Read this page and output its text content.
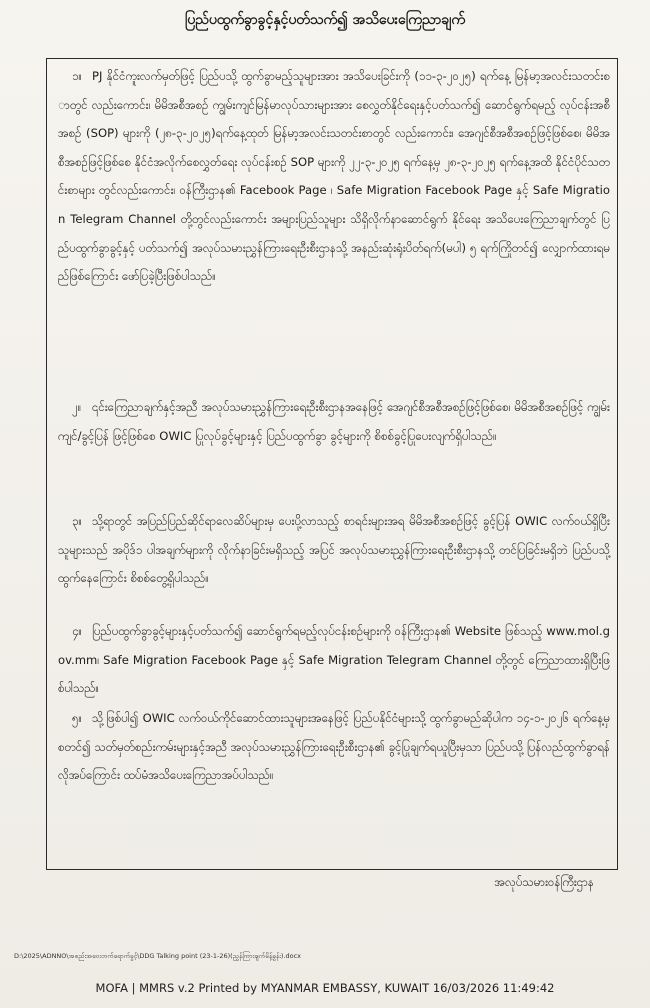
ပြည်ပထွက်ခွာခွင့်နှင့်ပတ်သက်၍ အသိပေးကြေညာချက်

၁။ PJ နိုင်ငံကူးလက်မှတ်ဖြင့် ပြည်ပသို့ ထွက်ခွာမည့်သူများအား အသိပေးခြင်းကို (၁၁-၃-၂၀၂၅) ရက်နေ့ မြန်မာ့အလင်းသတင်းစာတွင် လည်းကောင်း၊ မိမိအစီအစဉ် ကျွမ်းကျင်မြန်မာလုပ်သားများအား စေလွှတ်နိုင်ရေးနှင့်ပတ်သက်၍ ဆောင်ရွက်ရမည့် လုပ်ငန်းအစီအစဉ် (SOP) များကို (၂၈-၃-၂၀၂၅)ရက်နေ့ထုတ် မြန်မာ့အလင်းသတင်းစာတွင် လည်းကောင်း၊ အေဂျင်စီအစီအစဉ်ဖြင့်ဖြစ်စေ၊ မိမိအစီအစဉ်ဖြင့်ဖြစ်စေ နိုင်ငံအလိုက်စေလွှတ်ရေး လုပ်ငန်းစဉ် SOP များကို ၂၂-၃-၂၀၂၅ ရက်နေ့မှ ၂၈-၃-၂၀၂၅ ရက်နေ့အထိ နိုင်ငံပိုင်သတင်းစာများ တွင်လည်းကောင်း၊ ဝန်ကြီးဌာန၏ Facebook Page ၊ Safe Migration Facebook Page နှင့် Safe Migration Telegram Channel တို့တွင်လည်းကောင်း အများပြည်သူများ သိရှိလိုက်နာဆောင်ရွက် နိုင်ရေး အသိပေးကြေညာချက်တွင် ပြည်ပထွက်ခွာခွင့်နှင့် ပတ်သက်၍ အလုပ်သမားညွှန်ကြားရေးဦးစီးဌာနသို့ အနည်းဆုံးရုံးပိတ်ရက်(မပါ) ၅ ရက်ကြိုတင်၍ လျှောက်ထားရမည်ဖြစ်ကြောင်း ဖော်ပြခဲ့ပြီးဖြစ်ပါသည်။

၂။ ၎င်းကြေညာချက်နှင့်အညီ အလုပ်သမားညွှန်ကြားရေးဦးစီးဌာနအနေဖြင့် အေဂျင်စီအစီအစဉ်ဖြင့်ဖြစ်စေ၊ မိမိအစီအစဉ်ဖြင့် ကျွမ်းကျင်/ခွင့်ပြန် ဖြင့်ဖြစ်စေ OWIC ပြုလုပ်ခွင့်များနှင့် ပြည်ပထွက်ခွာ ခွင့်များကို စိစစ်ခွင့်ပြုပေးလျက်ရှိပါသည်။

၃။ သို့ရာတွင် အပြည်ပြည်ဆိုင်ရာလေဆိပ်များမှ ပေးပို့လာသည့် စာရင်းများအရ မိမိအစီအစဉ်ဖြင့် ခွင့်ပြန် OWIC လက်ဝယ်ရှိပြီးသူများသည် အပိုဒ်၁ ပါအချက်များကို လိုက်နာခြင်းမရှိသည့် အပြင် အလုပ်သမားညွှန်ကြားရေးဦးစီးဌာနသို့ တင်ပြခြင်းမရှိဘဲ ပြည်ပသို့ထွက်နေကြောင်း စိစစ်တွေ့ရှိပါသည်။

၄။ ပြည်ပထွက်ခွာခွင့်များနှင့်ပတ်သက်၍ ဆောင်ရွက်ရမည့်လုပ်ငန်းစဉ်များကို ဝန်ကြီးဌာန၏ Website ဖြစ်သည့် www.mol.gov.mm၊ Safe Migration Facebook Page နှင့် Safe Migration Telegram Channel တို့တွင် ကြေညာထားရှိပြီးဖြစ်ပါသည်။

၅။ သို့ဖြစ်ပါ၍ OWIC လက်ဝယ်ကိုင်ဆောင်ထားသူများအနေဖြင့် ပြည်ပနိုင်ငံများသို့ ထွက်ခွာမည်ဆိုပါက ၁၄-၁-၂၀၂၆ ရက်နေ့မှစတင်၍ သတ်မှတ်စည်းကမ်းများနှင့်အညီ အလုပ်သမားညွှန်ကြားရေးဦးစီးဌာန၏ ခွင့်ပြုချက်ရယူပြီးမှသာ ပြည်ပသို့ ပြန်လည်ထွက်ခွာရန် လိုအပ်ကြောင်း ထပ်မံအသိပေးကြေညာအပ်ပါသည်။

အလုပ်သမားဝန်ကြီးဌာန
D:\2025\ADNNO\အစည်းအဝေးတက်ရောက်ခွင့်\DDG Talking point (23-1-26)(ညွှန်ကြားချက်မိန့်ခွန်း).docx
MOFA | MMRS v.2 Printed by MYANMAR EMBASSY, KUWAIT 16/03/2026 11:49:42
